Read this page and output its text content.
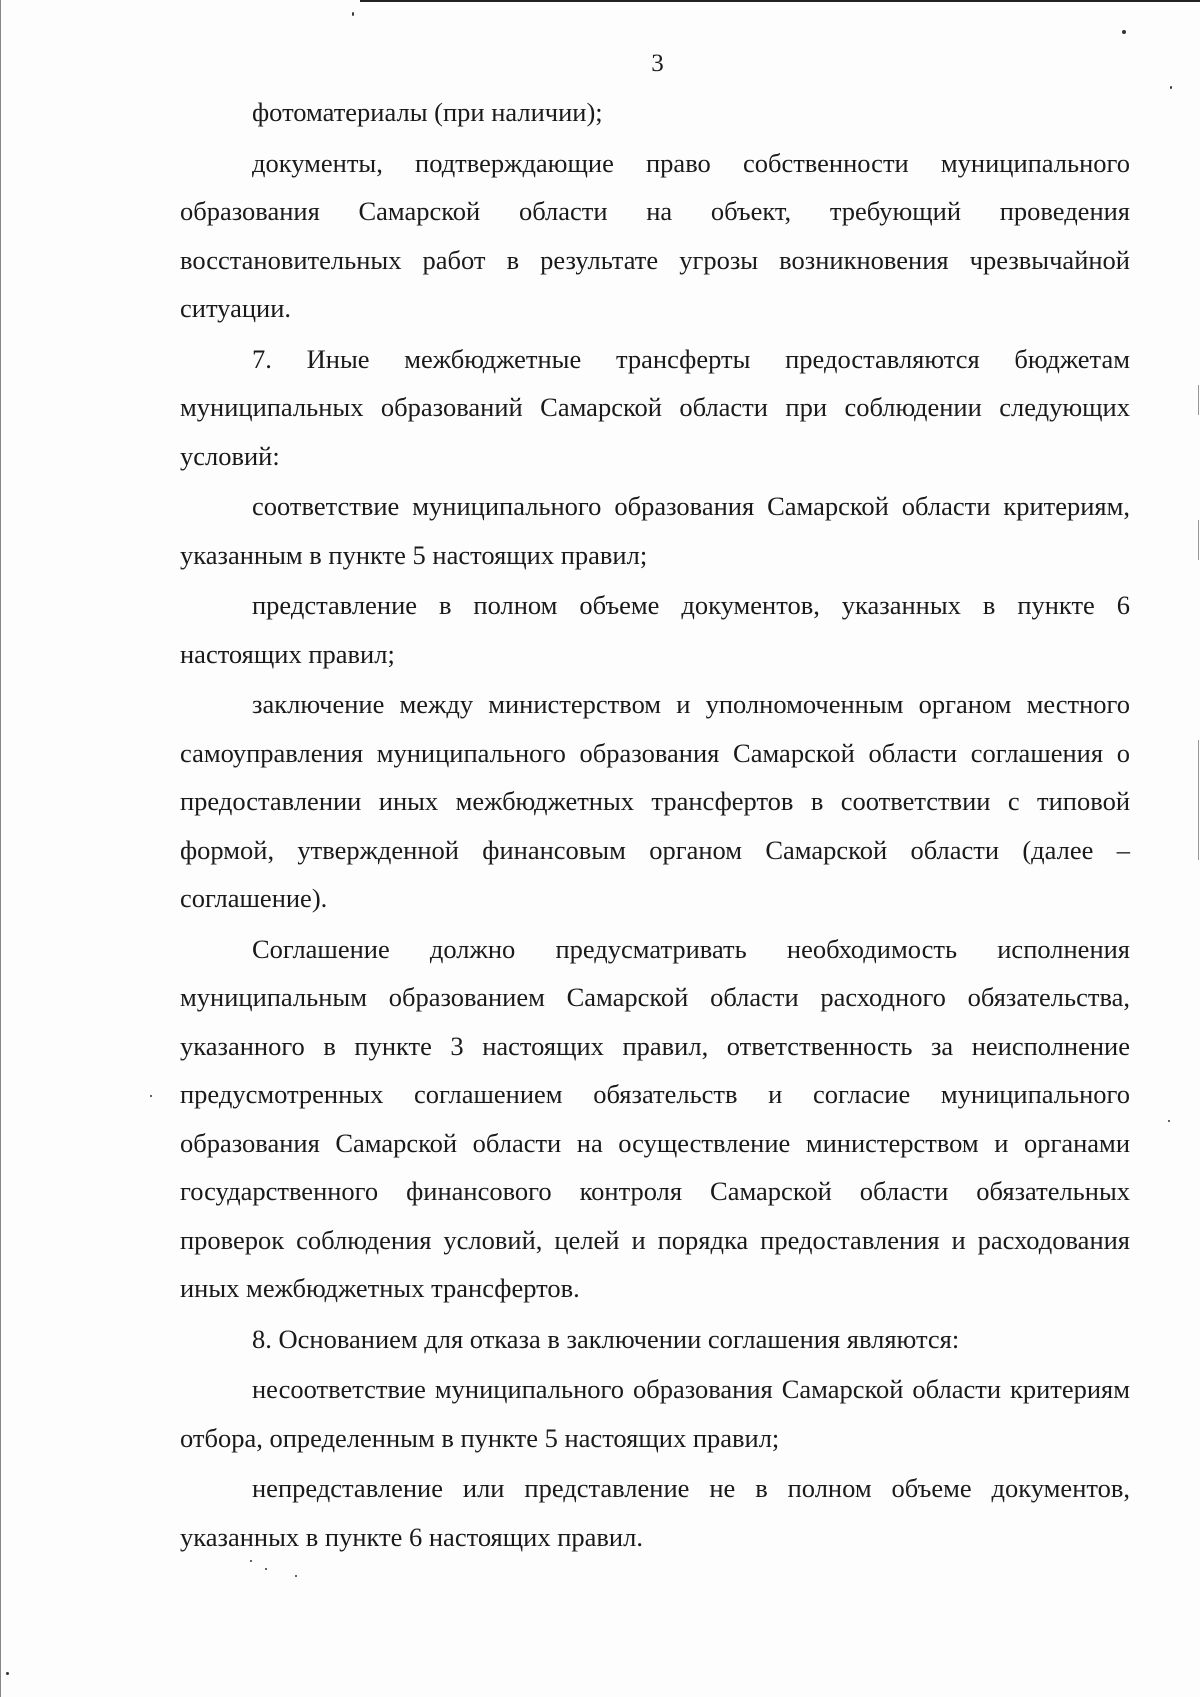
3

фотоматериалы (при наличии);

документы, подтверждающие право собственности муниципального образования Самарской области на объект, требующий проведения восстановительных работ в результате угрозы возникновения чрезвычайной ситуации.

7. Иные межбюджетные трансферты предоставляются бюджетам муниципальных образований Самарской области при соблюдении следующих условий:

соответствие муниципального образования Самарской области критериям, указанным в пункте 5 настоящих правил;

представление в полном объеме документов, указанных в пункте 6 настоящих правил;

заключение между министерством и уполномоченным органом местного самоуправления муниципального образования Самарской области соглашения о предоставлении иных межбюджетных трансфертов в соответствии с типовой формой, утвержденной финансовым органом Самарской области (далее – соглашение).

Соглашение должно предусматривать необходимость исполнения муниципальным образованием Самарской области расходного обязательства, указанного в пункте 3 настоящих правил, ответственность за неисполнение предусмотренных соглашением обязательств и согласие муниципального образования Самарской области на осуществление министерством и органами государственного финансового контроля Самарской области обязательных проверок соблюдения условий, целей и порядка предоставления и расходования иных межбюджетных трансфертов.

8. Основанием для отказа в заключении соглашения являются:

несоответствие муниципального образования Самарской области критериям отбора, определенным в пункте 5 настоящих правил;

непредставление или представление не в полном объеме документов, указанных в пункте 6 настоящих правил.
